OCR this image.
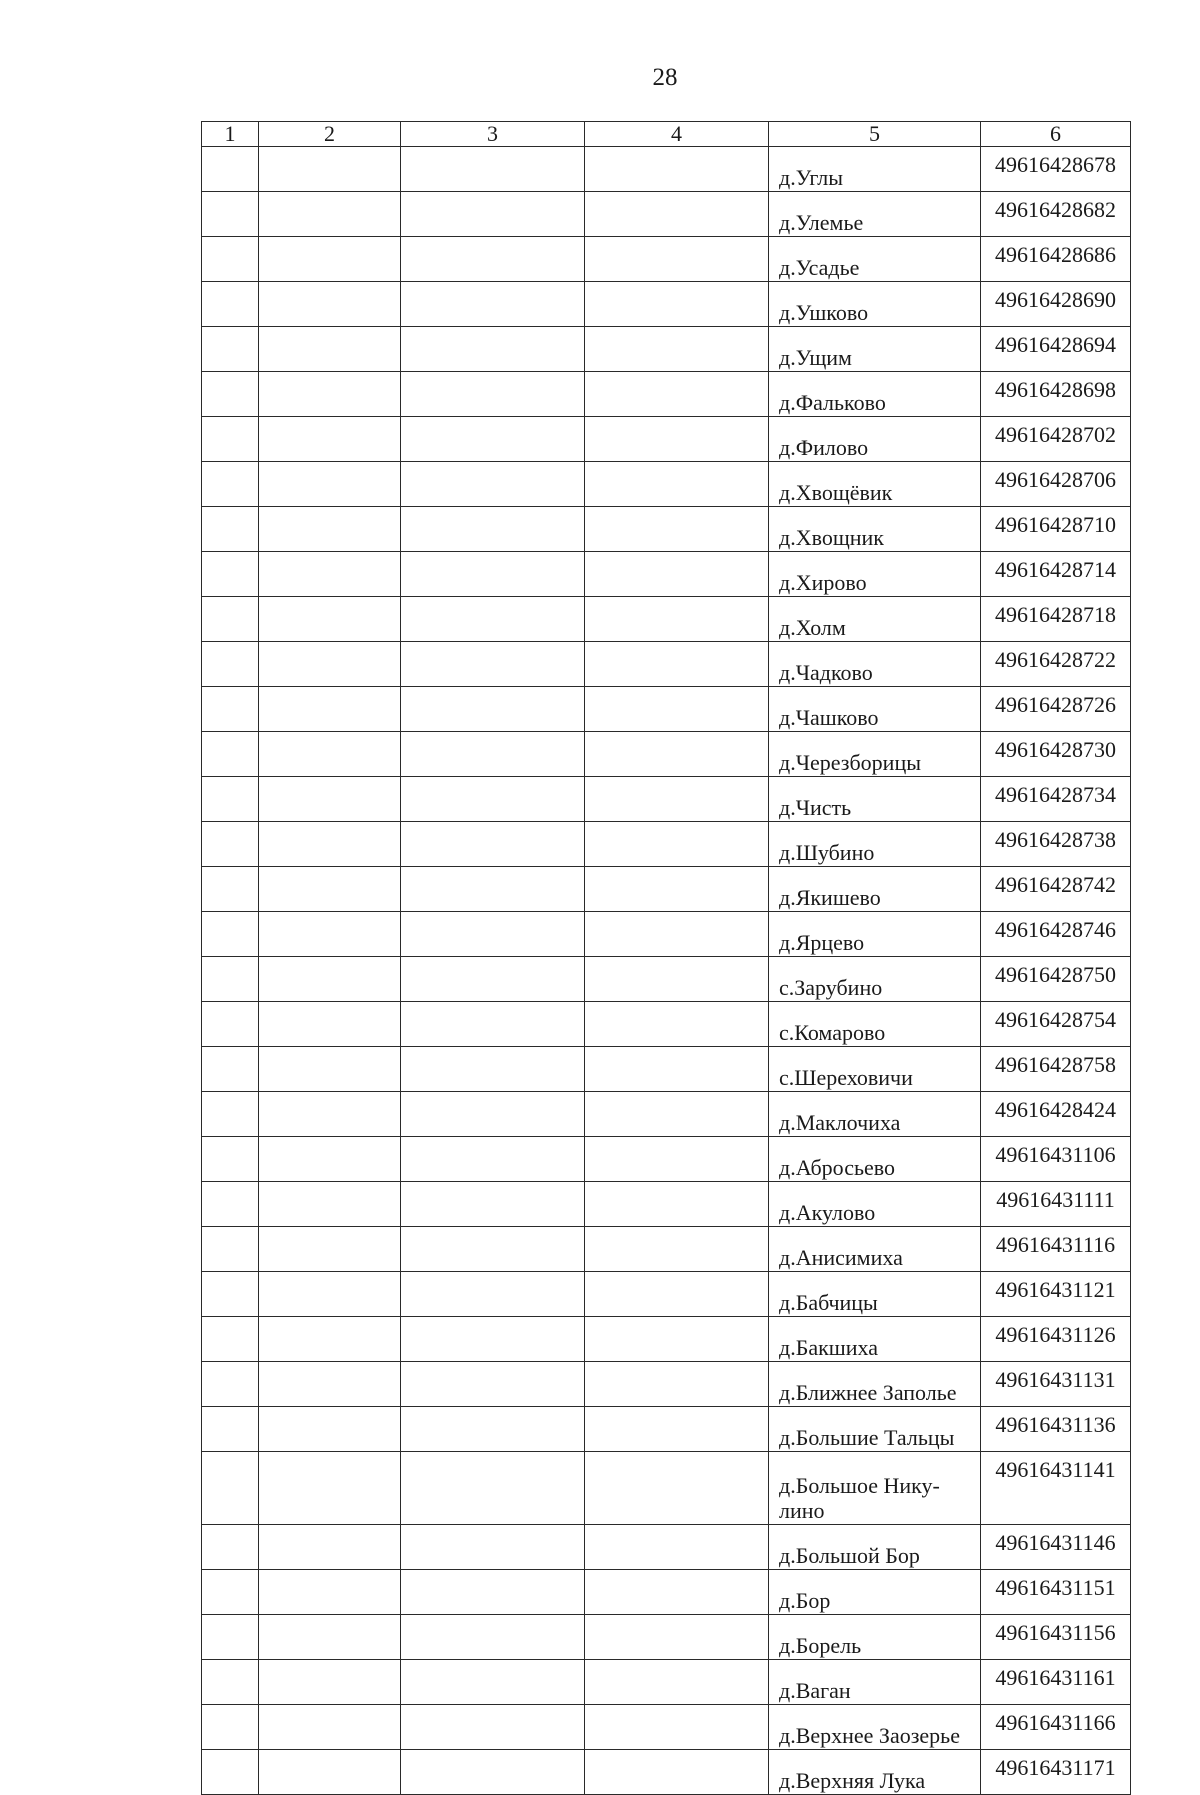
28
1	2	3	4	5	6
				д.Углы	49616428678
				д.Улемье	49616428682
				д.Усадье	49616428686
				д.Ушково	49616428690
				д.Ущим	49616428694
				д.Фальково	49616428698
				д.Филово	49616428702
				д.Хвощёвик	49616428706
				д.Хвощник	49616428710
				д.Хирово	49616428714
				д.Холм	49616428718
				д.Чадково	49616428722
				д.Чашково	49616428726
				д.Черезборицы	49616428730
				д.Чисть	49616428734
				д.Шубино	49616428738
				д.Якишево	49616428742
				д.Ярцево	49616428746
				с.Зарубино	49616428750
				с.Комарово	49616428754
				с.Шереховичи	49616428758
				д.Маклочиха	49616428424
				д.Абросьево	49616431106
				д.Акулово	49616431111
				д.Анисимиха	49616431116
				д.Бабчицы	49616431121
				д.Бакшиха	49616431126
				д.Ближнее Заполье	49616431131
				д.Большие Тальцы	49616431136
				д.Большое Нику-лино	49616431141
				д.Большой Бор	49616431146
				д.Бор	49616431151
				д.Борель	49616431156
				д.Ваган	49616431161
				д.Верхнее Заозерье	49616431166
				д.Верхняя Лука	49616431171
